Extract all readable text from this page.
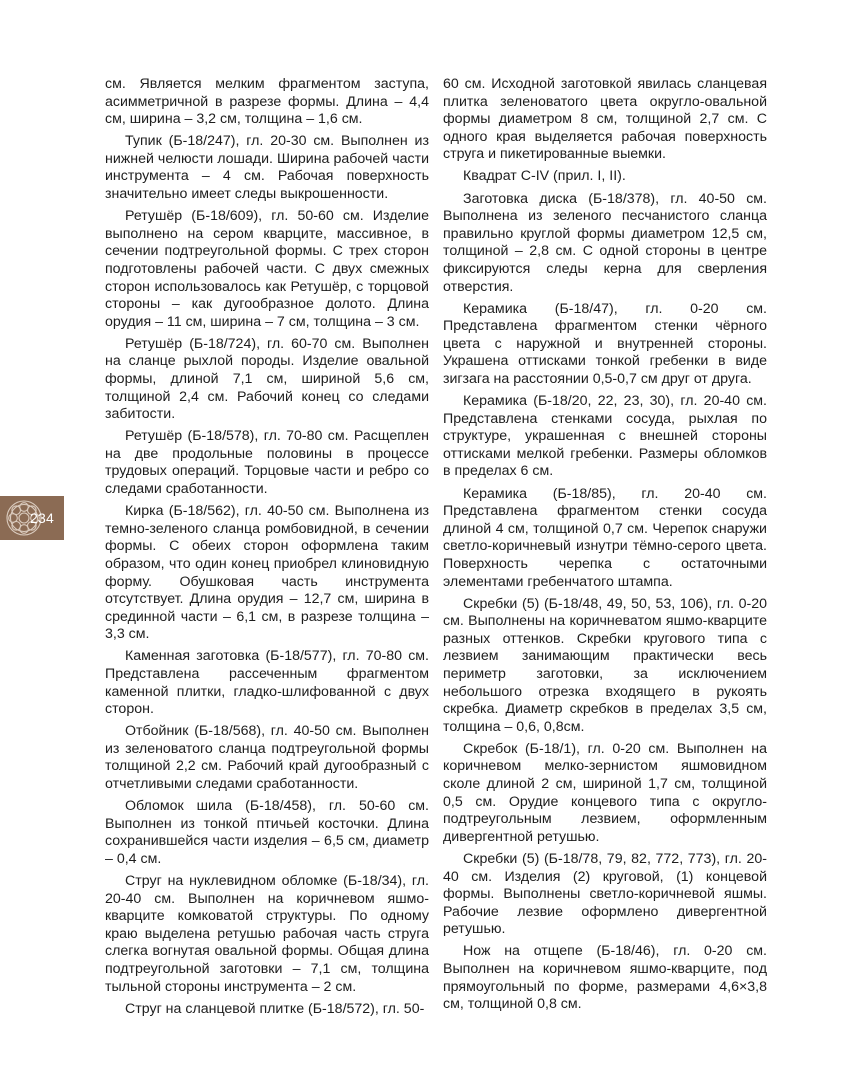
см. Является мелким фрагментом заступа, асимметричной в разрезе формы. Длина – 4,4 см, ширина – 3,2 см, толщина – 1,6 см.

Тупик (Б-18/247), гл. 20-30 см. Выполнен из нижней челюсти лошади. Ширина рабочей части инструмента – 4 см. Рабочая поверхность значительно имеет следы выкрошенности.

Ретушёр (Б-18/609), гл. 50-60 см. Изделие выполнено на сером кварците, массивное, в сечении подтреугольной формы. С трех сторон подготовлены рабочей части. С двух смежных сторон использовалось как Ретушёр, с торцовой стороны – как дугообразное долото. Длина орудия – 11 см, ширина – 7 см, толщина – 3 см.

Ретушёр (Б-18/724), гл. 60-70 см. Выполнен на сланце рыхлой породы. Изделие овальной формы, длиной 7,1 см, шириной 5,6 см, толщиной 2,4 см. Рабочий конец со следами забитости.

Ретушёр (Б-18/578), гл. 70-80 см. Расщеплен на две продольные половины в процессе трудовых операций. Торцовые части и ребро со следами сработанности.

Кирка (Б-18/562), гл. 40-50 см. Выполнена из темно-зеленого сланца ромбовидной, в сечении формы. С обеих сторон оформлена таким образом, что один конец приобрел клиновидную форму. Обушковая часть инструмента отсутствует. Длина орудия – 12,7 см, ширина в срединной части – 6,1 см, в разрезе толщина – 3,3 см.

Каменная заготовка (Б-18/577), гл. 70-80 см. Представлена рассеченным фрагментом каменной плитки, гладко-шлифованной с двух сторон.

Отбойник (Б-18/568), гл. 40-50 см. Выполнен из зеленоватого сланца подтреугольной формы толщиной 2,2 см. Рабочий край дугообразный с отчетливыми следами сработанности.

Обломок шила (Б-18/458), гл. 50-60 см. Выполнен из тонкой птичьей косточки. Длина сохранившейся части изделия – 6,5 см, диаметр – 0,4 см.

Струг на нуклевидном обломке (Б-18/34), гл. 20-40 см. Выполнен на коричневом яшмо-кварците комковатой структуры. По одному краю выделена ретушью рабочая часть струга слегка вогнутая овальной формы. Общая длина подтреугольной заготовки – 7,1 см, толщина тыльной стороны инструмента – 2 см.

Струг на сланцевой плитке (Б-18/572), гл. 50-

60 см. Исходной заготовкой явилась сланцевая плитка зеленоватого цвета округло-овальной формы диаметром 8 см, толщиной 2,7 см. С одного края выделяется рабочая поверхность струга и пикетированные выемки.

Квадрат С-IV (прил. I, II).

Заготовка диска (Б-18/378), гл. 40-50 см. Выполнена из зеленого песчанистого сланца правильно круглой формы диаметром 12,5 см, толщиной – 2,8 см. С одной стороны в центре фиксируются следы керна для сверления отверстия.

Керамика (Б-18/47), гл. 0-20 см. Представлена фрагментом стенки чёрного цвета с наружной и внутренней стороны. Украшена оттисками тонкой гребенки в виде зигзага на расстоянии 0,5-0,7 см друг от друга.

Керамика (Б-18/20, 22, 23, 30), гл. 20-40 см. Представлена стенками сосуда, рыхлая по структуре, украшенная с внешней стороны оттисками мелкой гребенки. Размеры обломков в пределах 6 см.

Керамика (Б-18/85), гл. 20-40 см. Представлена фрагментом стенки сосуда длиной 4 см, толщиной 0,7 см. Черепок снаружи светло-коричневый изнутри тёмно-серого цвета. Поверхность черепка с остаточными элементами гребенчатого штампа.

Скребки (5) (Б-18/48, 49, 50, 53, 106), гл. 0-20 см. Выполнены на коричневатом яшмо-кварците разных оттенков. Скребки кругового типа с лезвием занимающим практически весь периметр заготовки, за исключением небольшого отрезка входящего в рукоять скребка. Диаметр скребков в пределах 3,5 см, толщина – 0,6, 0,8см.

Скребок (Б-18/1), гл. 0-20 см. Выполнен на коричневом мелко-зернистом яшмовидном сколе длиной 2 см, шириной 1,7 см, толщиной 0,5 см. Орудие концевого типа с округло-подтреугольным лезвием, оформленным дивергентной ретушью.

Скребки (5) (Б-18/78, 79, 82, 772, 773), гл. 20-40 см. Изделия (2) круговой, (1) концевой формы. Выполнены светло-коричневой яшмы. Рабочие лезвие оформлено дивергентной ретушью.

Нож на отщепе (Б-18/46), гл. 0-20 см. Выполнен на коричневом яшмо-кварците, под прямоугольный по форме, размерами 4,6×3,8 см, толщиной 0,8 см.

234
